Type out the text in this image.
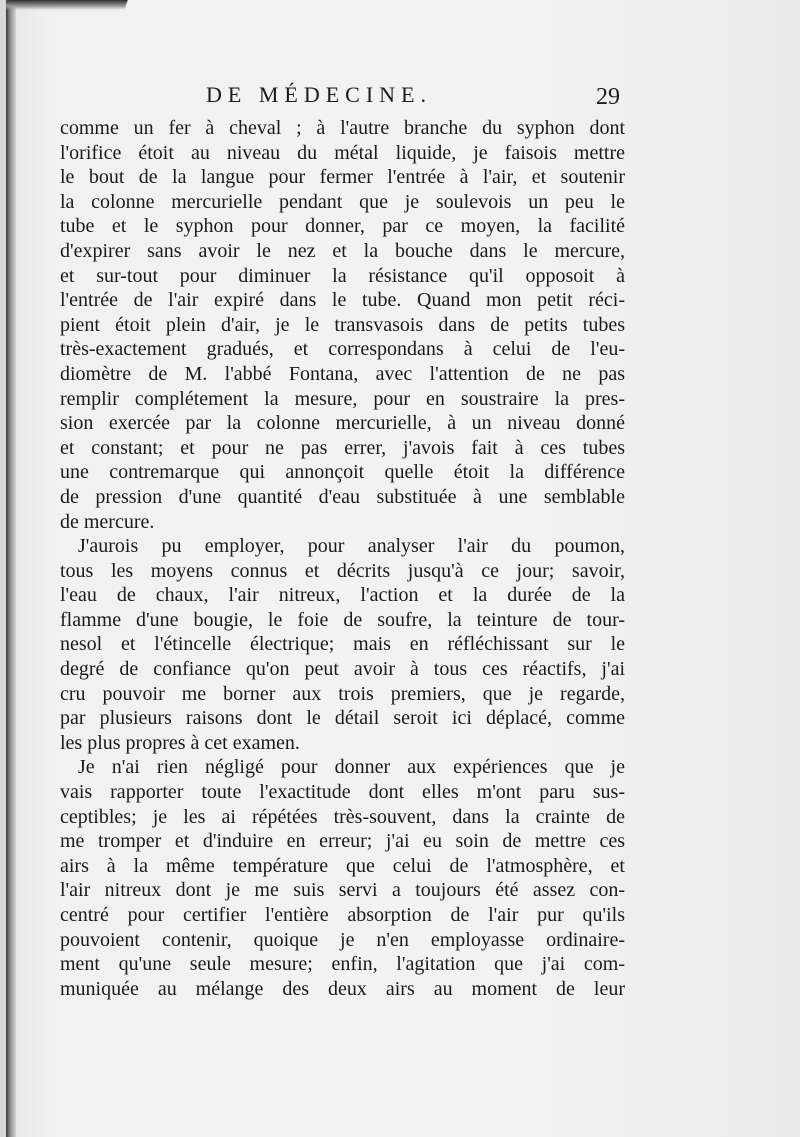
DE MÉDECINE.	29
comme un fer à cheval ; à l'autre branche du syphon dont
l'orifice étoit au niveau du métal liquide, je faisois mettre
le bout de la langue pour fermer l'entrée à l'air, et soutenir
la colonne mercurielle pendant que je soulevois un peu le
tube et le syphon pour donner, par ce moyen, la facilité
d'expirer sans avoir le nez et la bouche dans le mercure,
et sur-tout pour diminuer la résistance qu'il opposoit à
l'entrée de l'air expiré dans le tube. Quand mon petit réci-
pient étoit plein d'air, je le transvasois dans de petits tubes
très-exactement gradués, et correspondans à celui de l'eu-
diomètre de M. l'abbé Fontana, avec l'attention de ne pas
remplir complétement la mesure, pour en soustraire la pres-
sion exercée par la colonne mercurielle, à un niveau donné
et constant; et pour ne pas errer, j'avois fait à ces tubes
une contremarque qui annonçoit quelle étoit la différence
de pression d'une quantité d'eau substituée à une semblable
de mercure.
J'aurois pu employer, pour analyser l'air du poumon,
tous les moyens connus et décrits jusqu'à ce jour; savoir,
l'eau de chaux, l'air nitreux, l'action et la durée de la
flamme d'une bougie, le foie de soufre, la teinture de tour-
nesol et l'étincelle électrique; mais en réfléchissant sur le
degré de confiance qu'on peut avoir à tous ces réactifs, j'ai
cru pouvoir me borner aux trois premiers, que je regarde,
par plusieurs raisons dont le détail seroit ici déplacé, comme
les plus propres à cet examen.
Je n'ai rien négligé pour donner aux expériences que je
vais rapporter toute l'exactitude dont elles m'ont paru sus-
ceptibles; je les ai répétées très-souvent, dans la crainte de
me tromper et d'induire en erreur; j'ai eu soin de mettre ces
airs à la même température que celui de l'atmosphère, et
l'air nitreux dont je me suis servi a toujours été assez con-
centré pour certifier l'entière absorption de l'air pur qu'ils
pouvoient contenir, quoique je n'en employasse ordinaire-
ment qu'une seule mesure; enfin, l'agitation que j'ai com-
muniquée au mélange des deux airs au moment de leur
